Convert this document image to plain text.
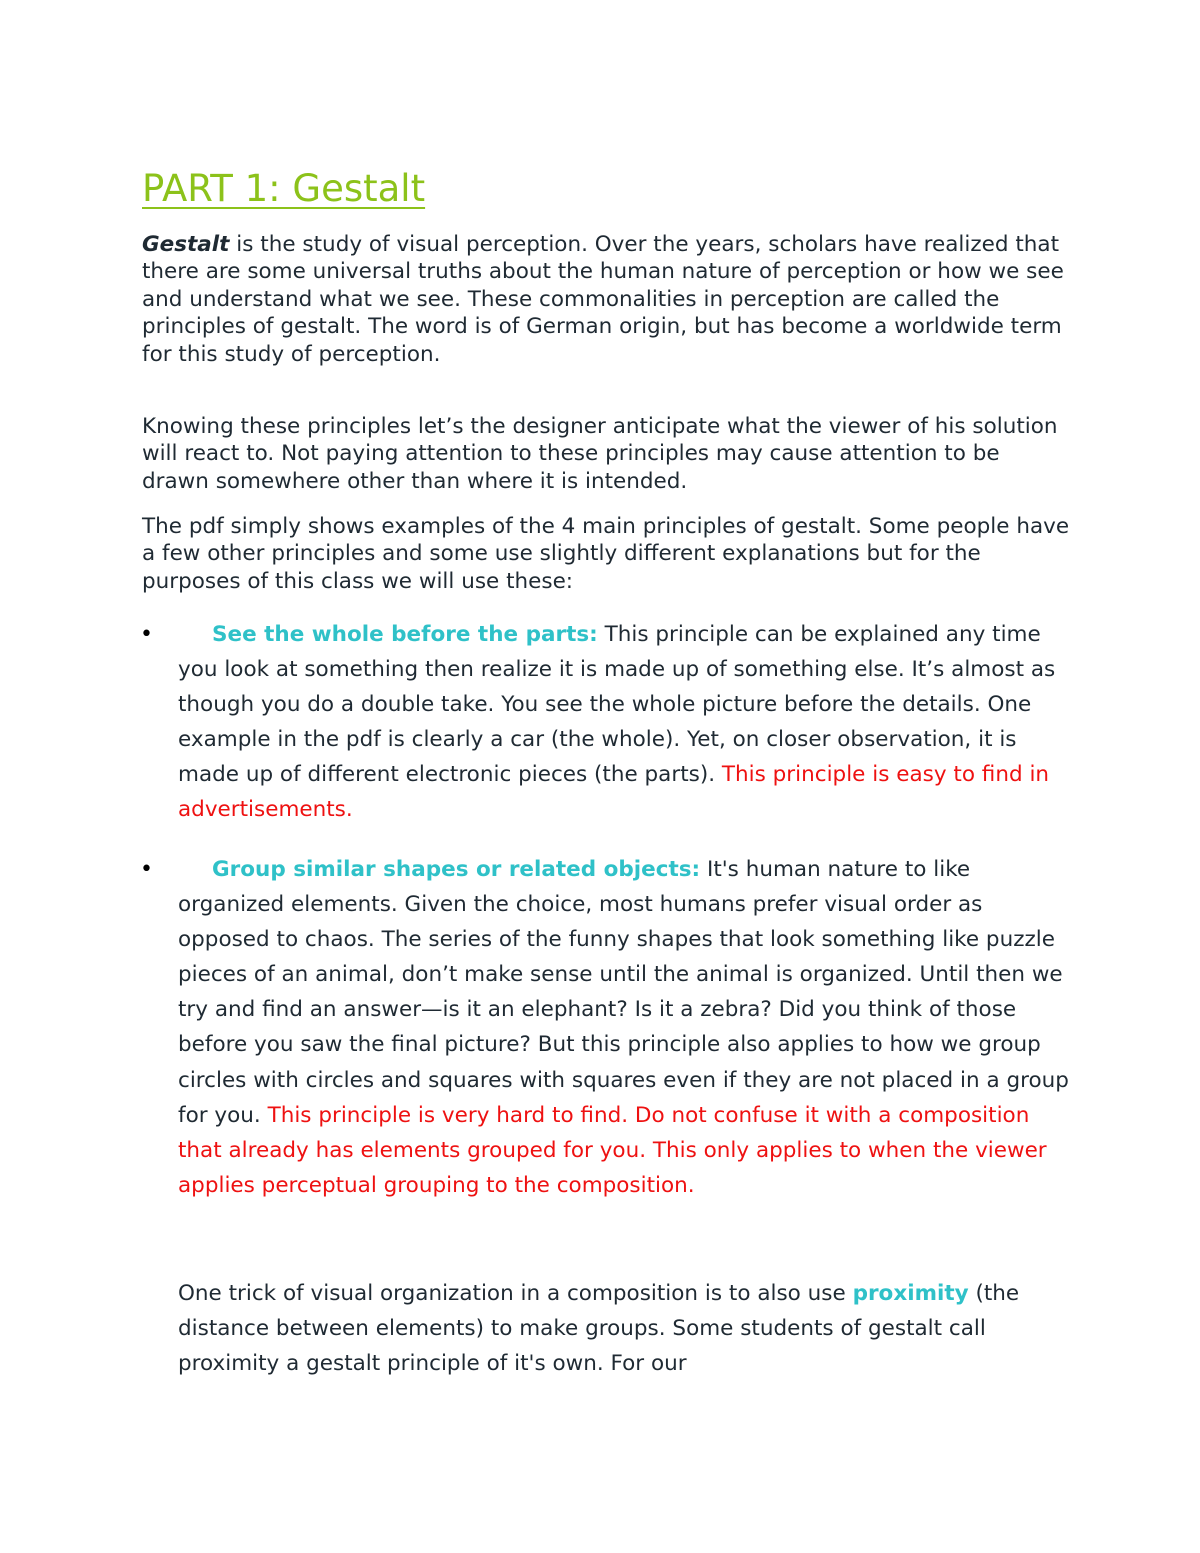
PART 1: Gestalt

Gestalt is the study of visual perception. Over the years, scholars have realized that there are some universal truths about the human nature of perception or how we see and understand what we see. These commonalities in perception are called the principles of gestalt. The word is of German origin, but has become a worldwide term for this study of perception.

Knowing these principles let’s the designer anticipate what the viewer of his solution will react to. Not paying attention to these principles may cause attention to be drawn somewhere other than where it is intended.

The pdf simply shows examples of the 4 main principles of gestalt. Some people have a few other principles and some use slightly different explanations but for the purposes of this class we will use these:

•	See the whole before the parts: This principle can be explained any time you look at something then realize it is made up of something else. It’s almost as though you do a double take. You see the whole picture before the details. One example in the pdf is clearly a car (the whole). Yet, on closer observation, it is made up of different electronic pieces (the parts). This principle is easy to find in advertisements.

•	Group similar shapes or related objects: It's human nature to like organized elements. Given the choice, most humans prefer visual order as opposed to chaos. The series of the funny shapes that look something like puzzle pieces of an animal, don’t make sense until the animal is organized. Until then we try and find an answer—is it an elephant? Is it a zebra? Did you think of those before you saw the final picture? But this principle also applies to how we group circles with circles and squares with squares even if they are not placed in a group for you. This principle is very hard to find. Do not confuse it with a composition that already has elements grouped for you. This only applies to when the viewer applies perceptual grouping to the composition.

One trick of visual organization in a composition is to also use proximity (the distance between elements) to make groups. Some students of gestalt call proximity a gestalt principle of it's own. For our
